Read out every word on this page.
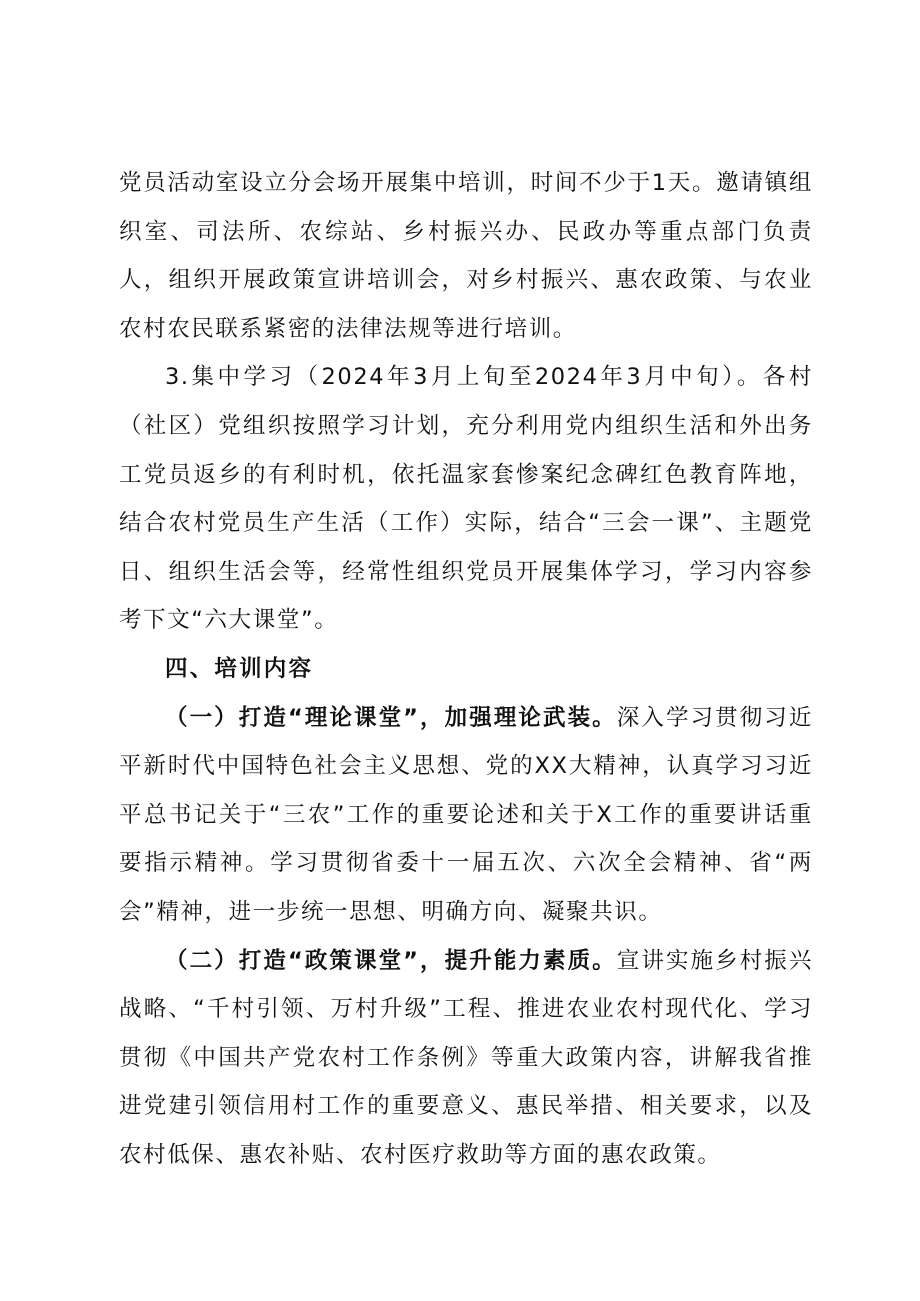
党员活动室设立分会场开展集中培训，时间不少于1天。邀请镇组织室、司法所、农综站、乡村振兴办、民政办等重点部门负责人，组织开展政策宣讲培训会，对乡村振兴、惠农政策、与农业农村农民联系紧密的法律法规等进行培训。

3.集中学习（2024年3月上旬至2024年3月中旬）。各村（社区）党组织按照学习计划，充分利用党内组织生活和外出务工党员返乡的有利时机，依托温家套惨案纪念碑红色教育阵地，结合农村党员生产生活（工作）实际，结合“三会一课”、主题党日、组织生活会等，经常性组织党员开展集体学习，学习内容参考下文“六大课堂”。

四、培训内容

（一）打造“理论课堂”，加强理论武装。深入学习贯彻习近平新时代中国特色社会主义思想、党的XX大精神，认真学习习近平总书记关于“三农”工作的重要论述和关于X工作的重要讲话重要指示精神。学习贯彻省委十一届五次、六次全会精神、省“两会”精神，进一步统一思想、明确方向、凝聚共识。

（二）打造“政策课堂”，提升能力素质。宣讲实施乡村振兴战略、“千村引领、万村升级”工程、推进农业农村现代化、学习贯彻《中国共产党农村工作条例》等重大政策内容，讲解我省推进党建引领信用村工作的重要意义、惠民举措、相关要求，以及农村低保、惠农补贴、农村医疗救助等方面的惠农政策。
